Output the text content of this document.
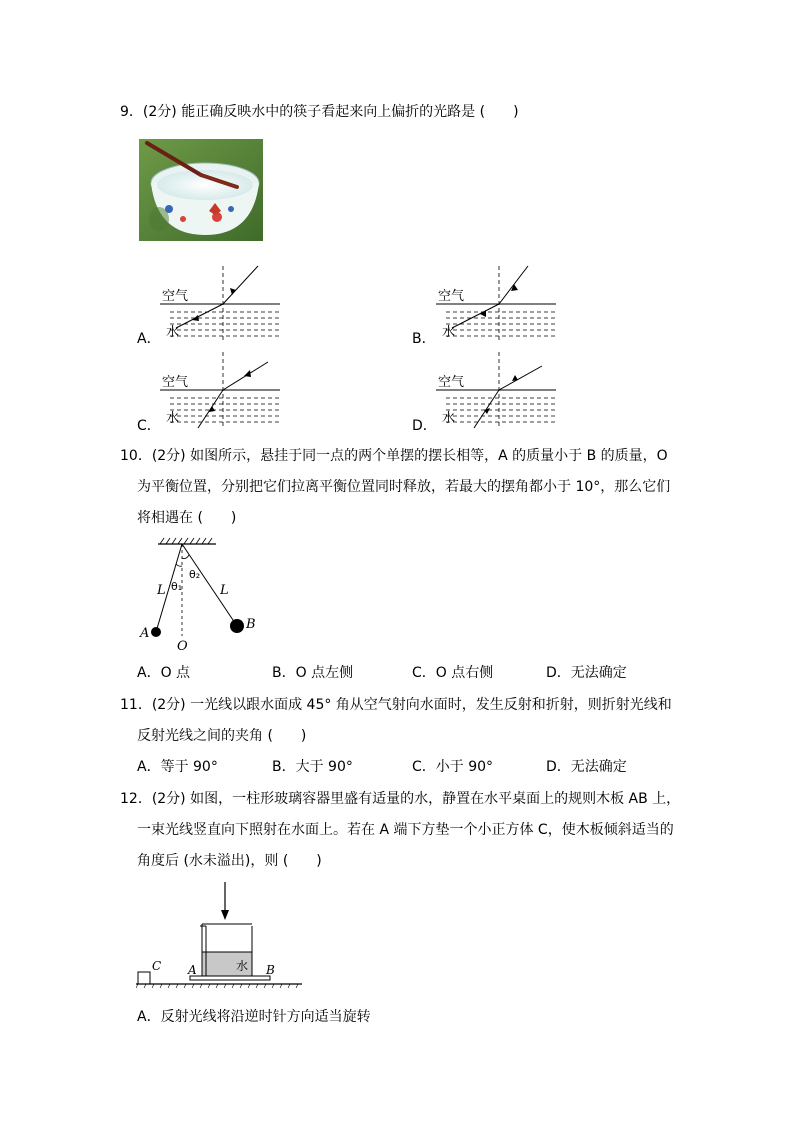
9．(2分) 能正确反映水中的筷子看起来向上偏折的光路是 (　　)
A．
空气
水	B．
空气
水
C．
空气
水	D．
空气
水
10．(2分) 如图所示，悬挂于同一点的两个单摆的摆长相等，A 的质量小于 B 的质量，O
为平衡位置，分别把它们拉离平衡位置同时释放，若最大的摆角都小于 10°，那么它们
将相遇在 (　　)
L	L
θ₁
θ₂
A
B
O
A．O 点	B．O 点左侧	C．O 点右侧	D．无法确定
11．(2分) 一光线以跟水面成 45° 角从空气射向水面时，发生反射和折射，则折射光线和
反射光线之间的夹角 (　　)
A．等于 90°	B．大于 90°	C．小于 90°	D．无法确定
12．(2分) 如图，一柱形玻璃容器里盛有适量的水，静置在水平桌面上的规则木板 AB 上，
一束光线竖直向下照射在水面上。若在 A 端下方垫一个小正方体 C，使木板倾斜适当的
角度后 (水未溢出)，则 (　　)
水
C A	B
A．反射光线将沿逆时针方向适当旋转
